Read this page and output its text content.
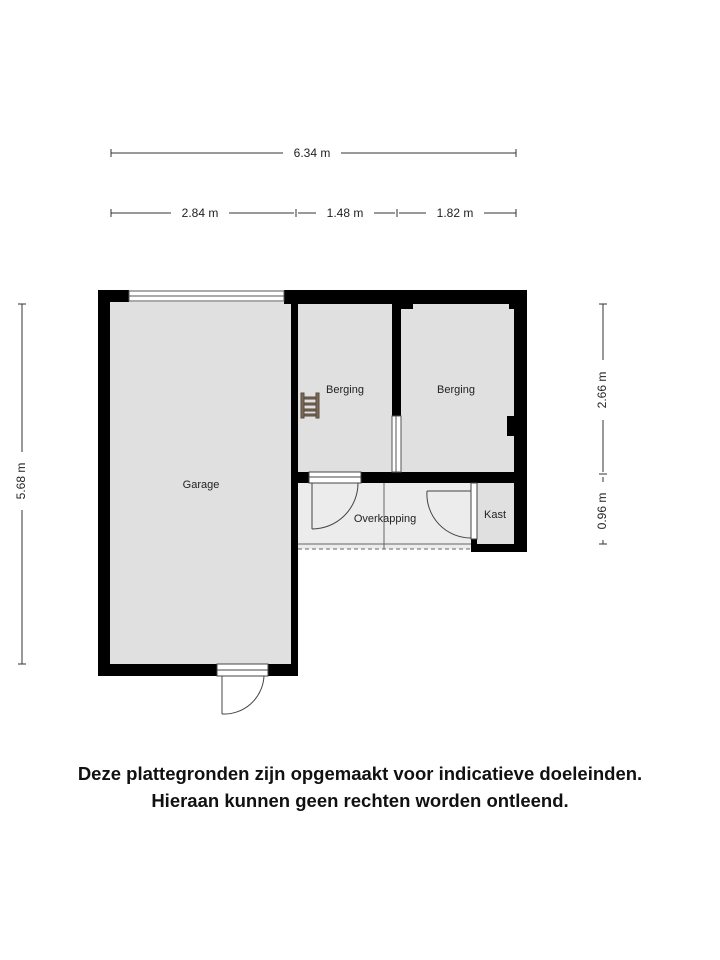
6.34 m
2.84 m	1.48 m	1.82 m
5.68 m
2.66 m
0.96 m
Garage
Berging	Berging
Overkapping	Kast
Deze plattegronden zijn opgemaakt voor indicatieve doeleinden.
Hieraan kunnen geen rechten worden ontleend.
